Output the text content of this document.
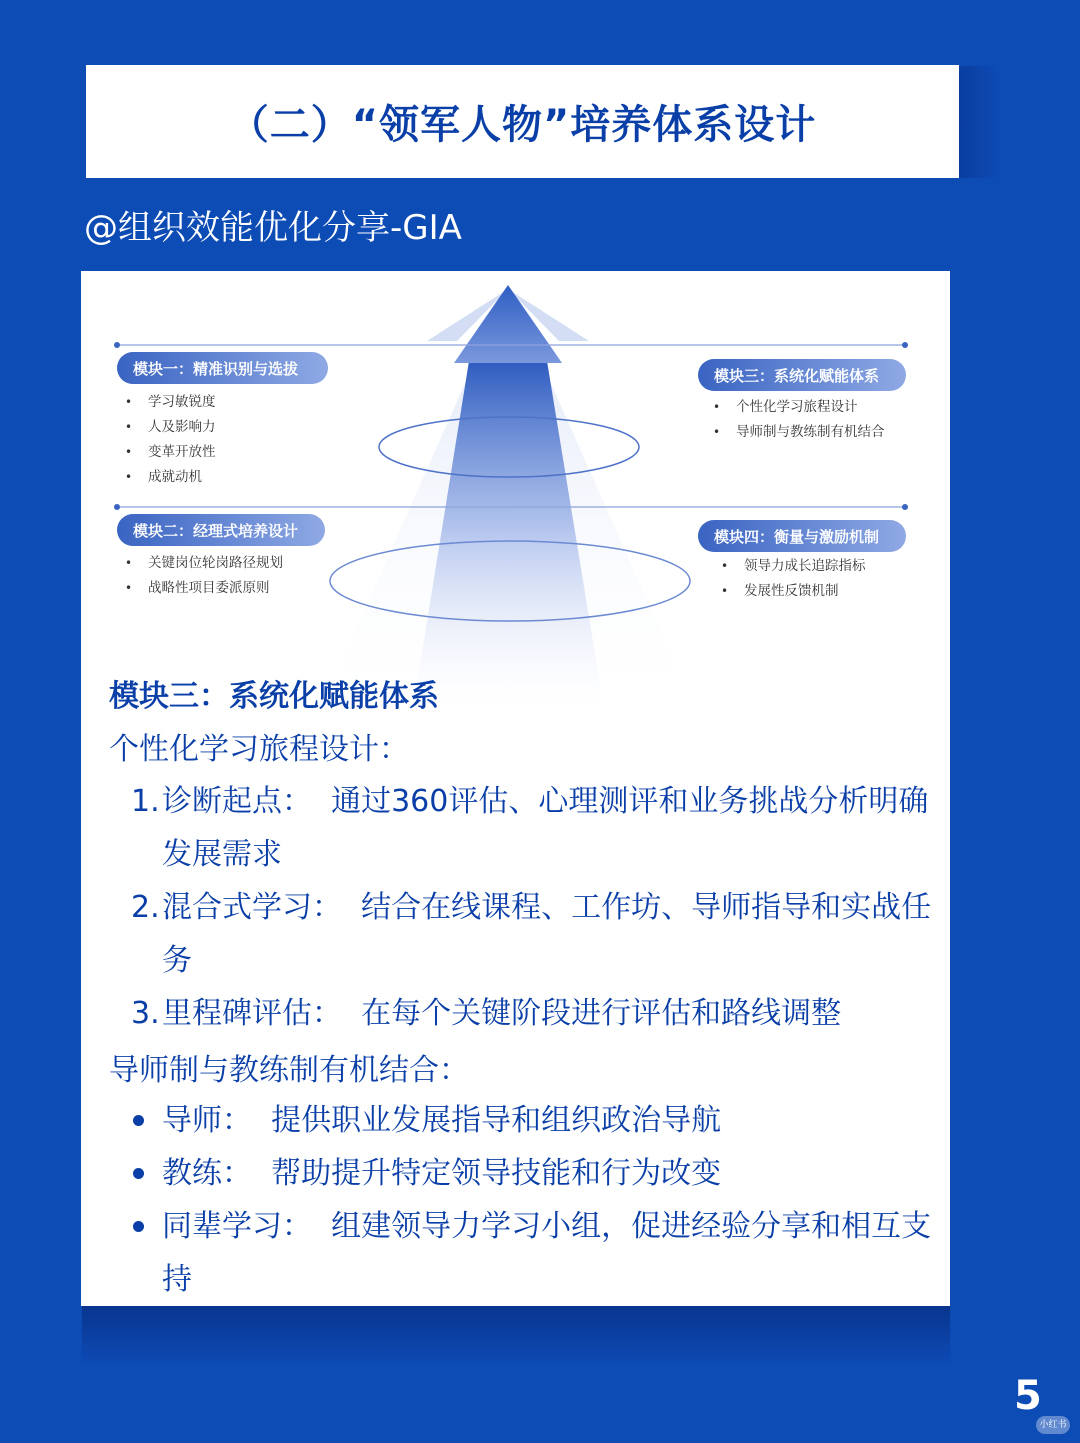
（二）“领军人物”培养体系设计
@组织效能优化分享-GIA
模块一：精准识别与选拔
• 学习敏锐度
• 人及影响力
• 变革开放性
• 成就动机
模块二：经理式培养设计
• 关键岗位轮岗路径规划
• 战略性项目委派原则
模块三：系统化赋能体系
• 个性化学习旅程设计
• 导师制与教练制有机结合
模块四：衡量与激励机制
• 领导力成长追踪指标
• 发展性反馈机制
模块三：系统化赋能体系
个性化学习旅程设计：
1. 诊断起点： 通过360评估、心理测评和业务挑战分析明确发展需求
2. 混合式学习： 结合在线课程、工作坊、导师指导和实战任务
3. 里程碑评估： 在每个关键阶段进行评估和路线调整
导师制与教练制有机结合：
导师： 提供职业发展指导和组织政治导航
教练： 帮助提升特定领导技能和行为改变
同辈学习： 组建领导力学习小组，促进经验分享和相互支持
5
小红书
